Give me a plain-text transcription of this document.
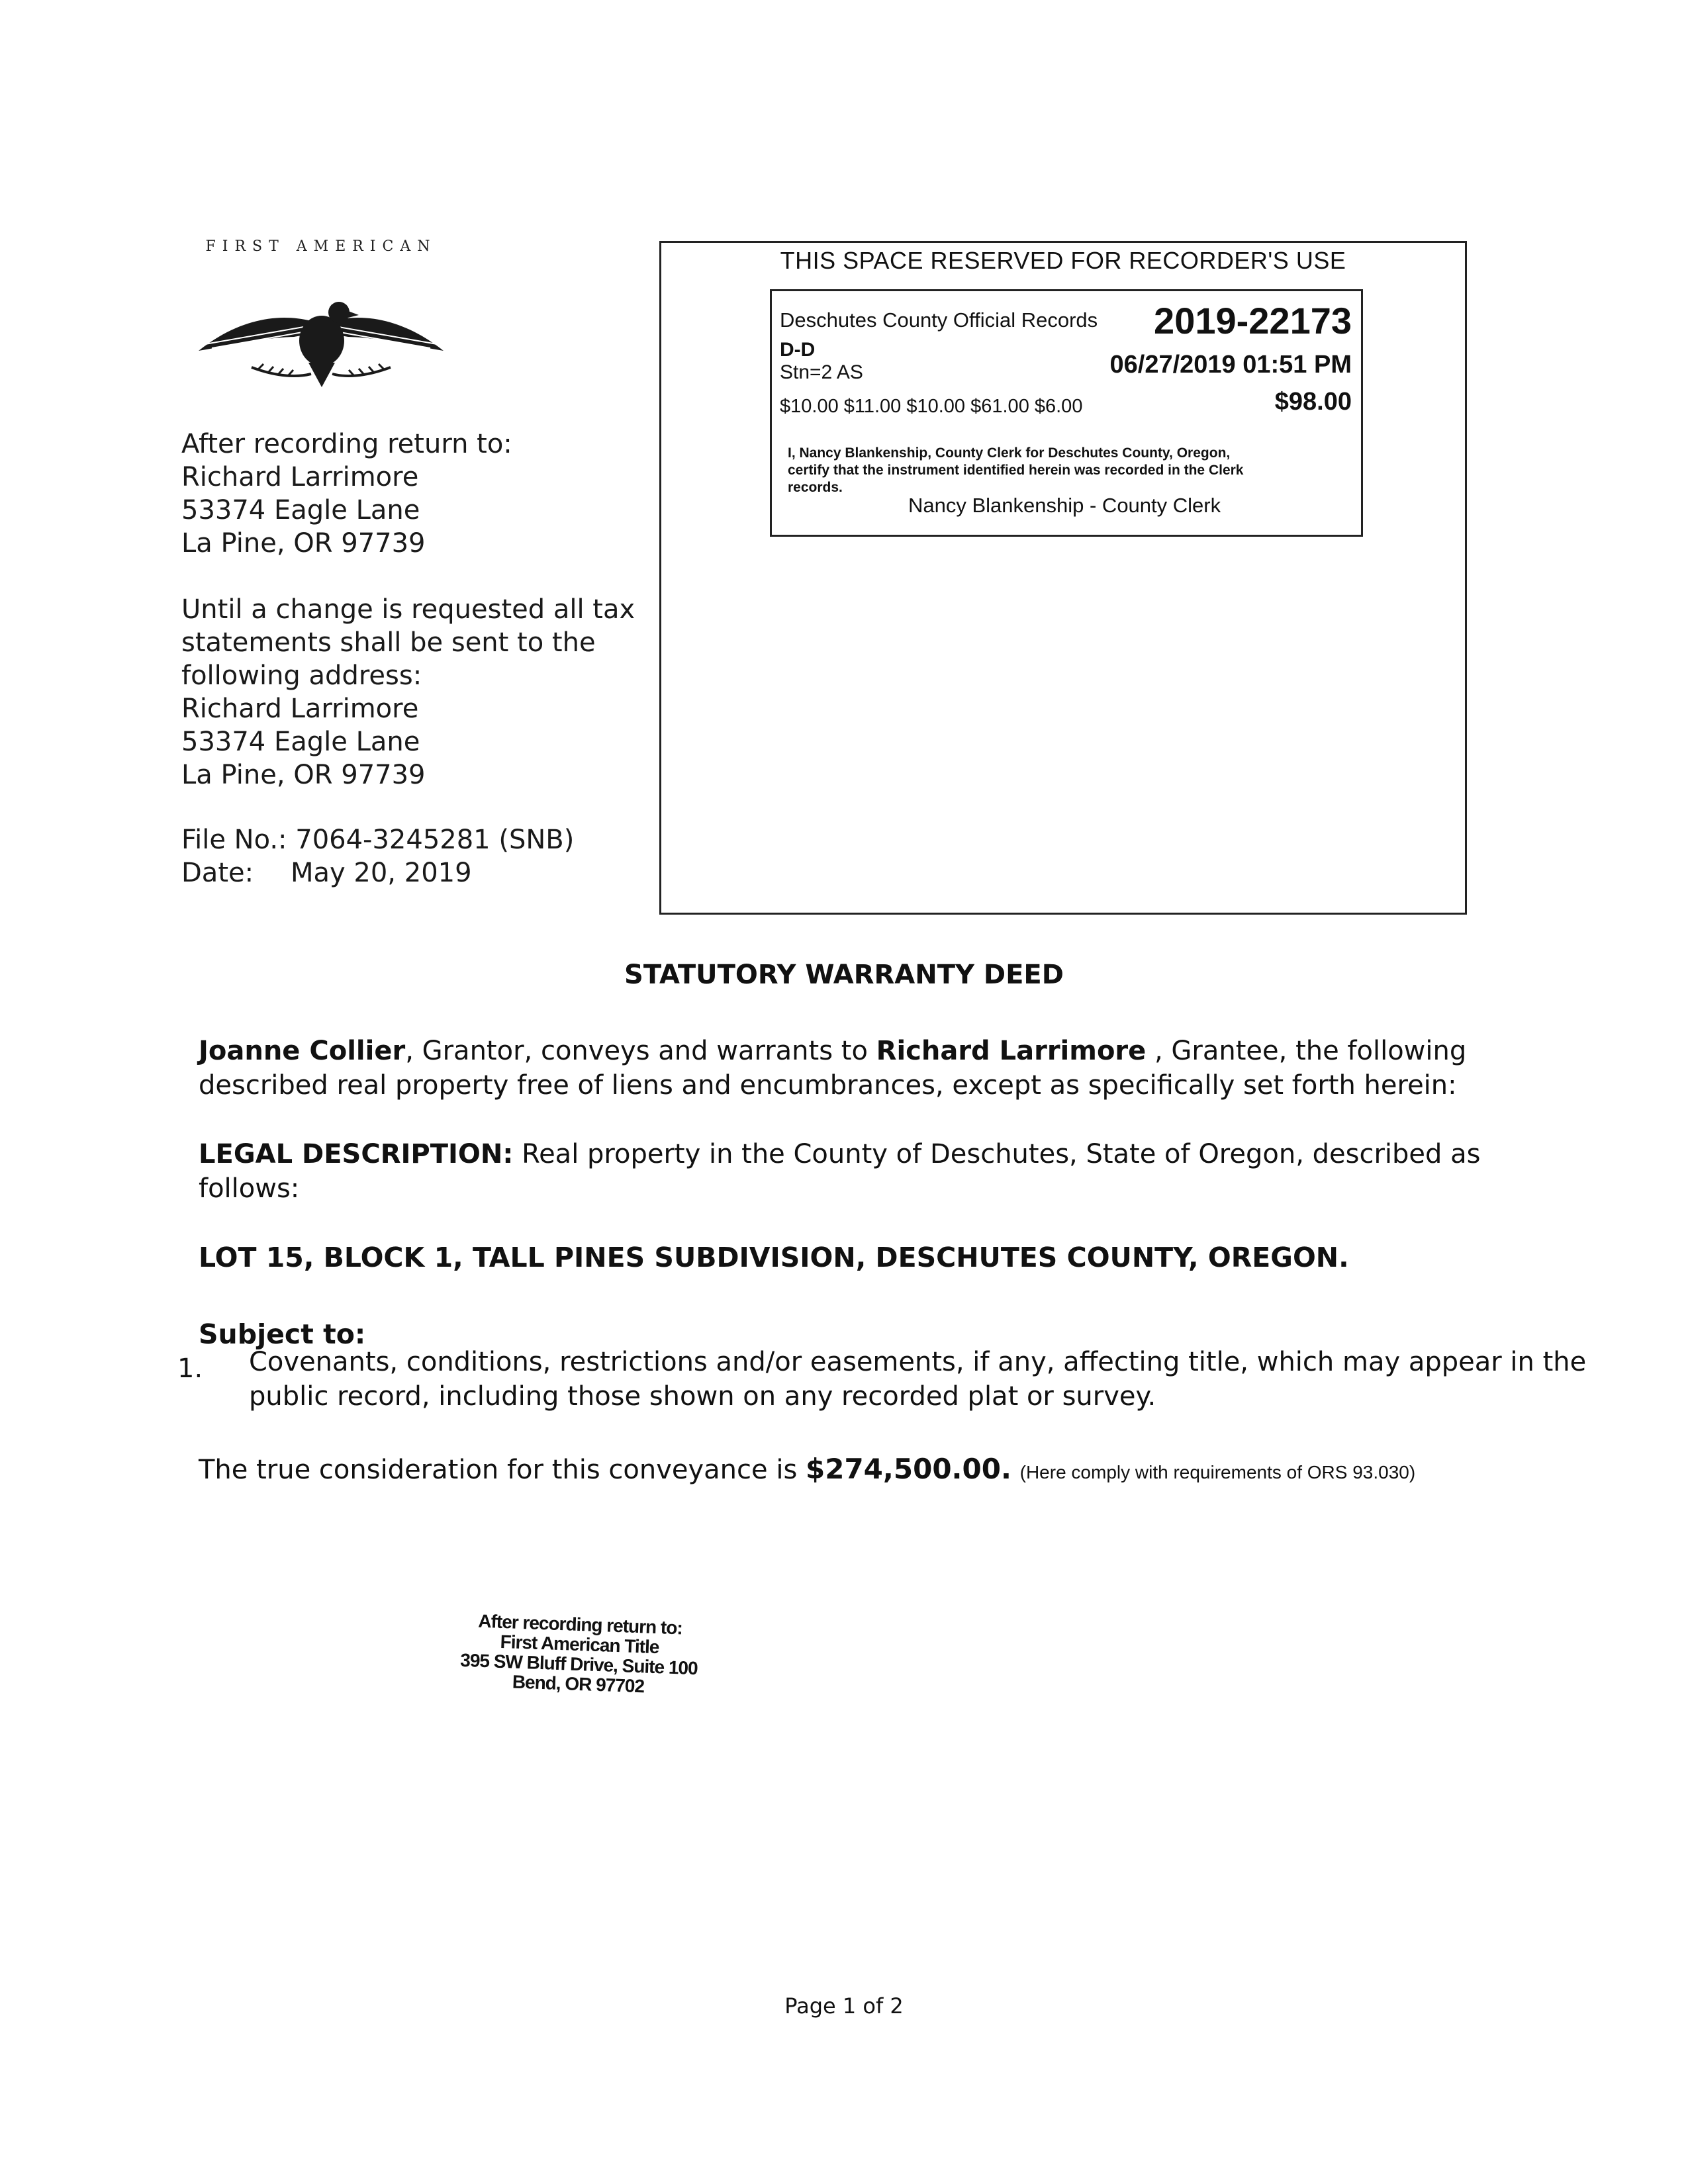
FIRST AMERICAN
After recording return to:
Richard Larrimore
53374 Eagle Lane
La Pine, OR 97739
Until a change is requested all tax
statements shall be sent to the
following address:
Richard Larrimore
53374 Eagle Lane
La Pine, OR 97739
File No.: 7064-3245281 (SNB)
Date: May 20, 2019
THIS SPACE RESERVED FOR RECORDER'S USE
Deschutes County Official Records 2019-22173
D-D
Stn=2 AS	06/27/2019 01:51 PM
$10.00 $11.00 $10.00 $61.00 $6.00	$98.00
I, Nancy Blankenship, County Clerk for Deschutes County, Oregon,
certify that the instrument identified herein was recorded in the Clerk
records.
Nancy Blankenship - County Clerk
STATUTORY WARRANTY DEED
Joanne Collier, Grantor, conveys and warrants to Richard Larrimore , Grantee, the following
described real property free of liens and encumbrances, except as specifically set forth herein:
LEGAL DESCRIPTION: Real property in the County of Deschutes, State of Oregon, described as
follows:
LOT 15, BLOCK 1, TALL PINES SUBDIVISION, DESCHUTES COUNTY, OREGON.
Subject to:
1. Covenants, conditions, restrictions and/or easements, if any, affecting title, which may appear in the
public record, including those shown on any recorded plat or survey.
The true consideration for this conveyance is $274,500.00. (Here comply with requirements of ORS 93.030)
After recording return to:
First American Title
395 SW Bluff Drive, Suite 100
Bend, OR 97702
Page 1 of 2
